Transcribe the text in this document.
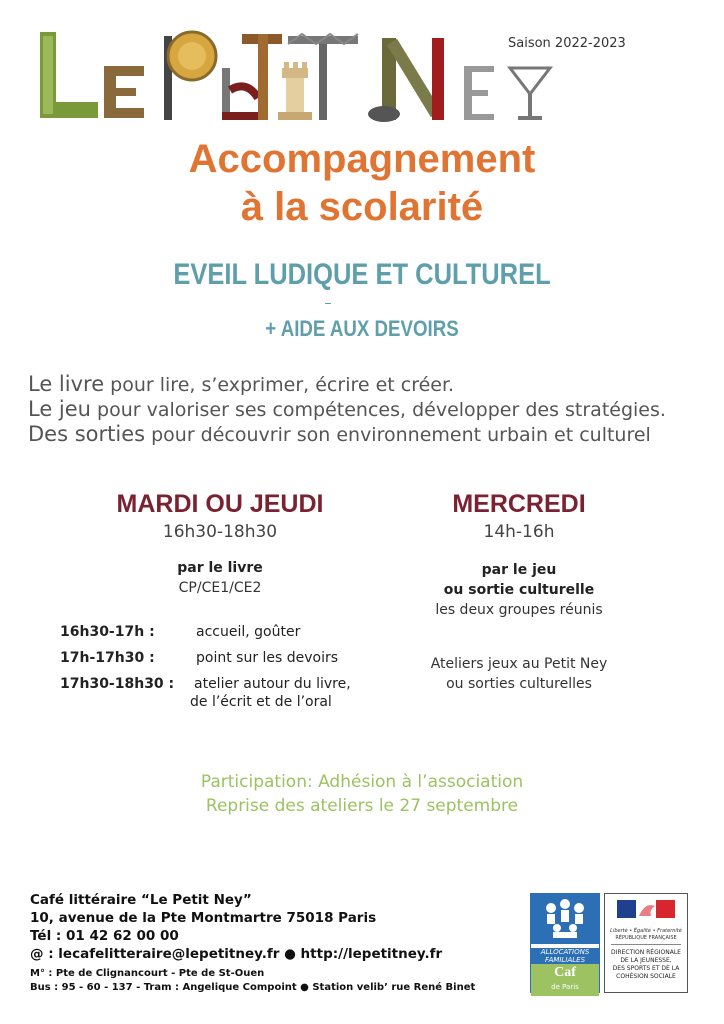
Saison 2022-2023
Accompagnement
à la scolarité
EVEIL LUDIQUE ET CULTUREL
+ AIDE AUX DEVOIRS
Le livre pour lire, s’exprimer, écrire et créer.
Le jeu pour valoriser ses compétences, développer des stratégies.
Des sorties pour découvrir son environnement urbain et culturel
MARDI OU JEUDI
16h30-18h30
par le livre
CP/CE1/CE2
16h30-17h :	accueil, goûter
17h-17h30 :	point sur les devoirs
17h30-18h30 : atelier autour du livre,
de l’écrit et de l’oral
MERCREDI
14h-16h
par le jeu
ou sortie culturelle
les deux groupes réunis
Ateliers jeux au Petit Ney
ou sorties culturelles
Participation: Adhésion à l’association
Reprise des ateliers le 27 septembre
Café littéraire “Le Petit Ney”
10, avenue de la Pte Montmartre 75018 Paris
Tél : 01 42 62 00 00
@ : lecafelitteraire@lepetitney.fr ● http://lepetitney.fr
M° : Pte de Clignancourt - Pte de St-Ouen
Bus : 95 - 60 - 137 - Tram : Angelique Compoint ● Station velib’ rue René Binet
ALLOCATIONS
FAMILIALES
Caf
de Paris
Liberté • Égalité • Fraternité
RÉPUBLIQUE FRANÇAISE
DIRECTION RÉGIONALE
DE LA JEUNESSE,
DES SPORTS ET DE LA
COHÉSION SOCIALE
